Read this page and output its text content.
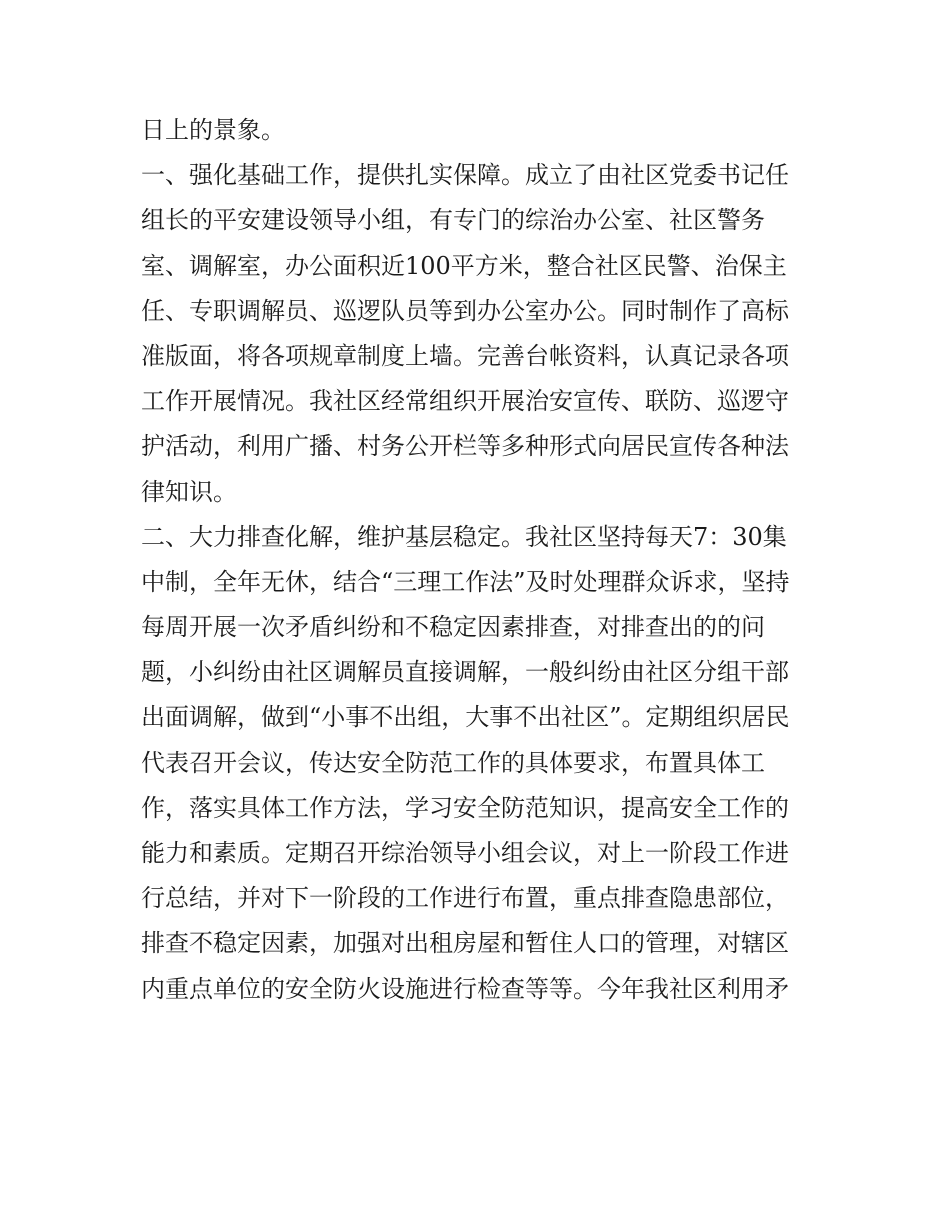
日上的景象。
一、强化基础工作，提供扎实保障。成立了由社区党委书记任
组长的平安建设领导小组，有专门的综治办公室、社区警务
室、调解室，办公面积近100平方米，整合社区民警、治保主
任、专职调解员、巡逻队员等到办公室办公。同时制作了高标
准版面，将各项规章制度上墙。完善台帐资料，认真记录各项
工作开展情况。我社区经常组织开展治安宣传、联防、巡逻守
护活动，利用广播、村务公开栏等多种形式向居民宣传各种法
律知识。
二、大力排查化解，维护基层稳定。我社区坚持每天7：30集
中制，全年无休，结合“三理工作法”及时处理群众诉求，坚持
每周开展一次矛盾纠纷和不稳定因素排查，对排查出的的问
题，小纠纷由社区调解员直接调解，一般纠纷由社区分组干部
出面调解，做到“小事不出组，大事不出社区”。定期组织居民
代表召开会议，传达安全防范工作的具体要求，布置具体工
作，落实具体工作方法，学习安全防范知识，提高安全工作的
能力和素质。定期召开综治领导小组会议，对上一阶段工作进
行总结，并对下一阶段的工作进行布置，重点排查隐患部位，
排查不稳定因素，加强对出租房屋和暂住人口的管理，对辖区
内重点单位的安全防火设施进行检查等等。今年我社区利用矛
